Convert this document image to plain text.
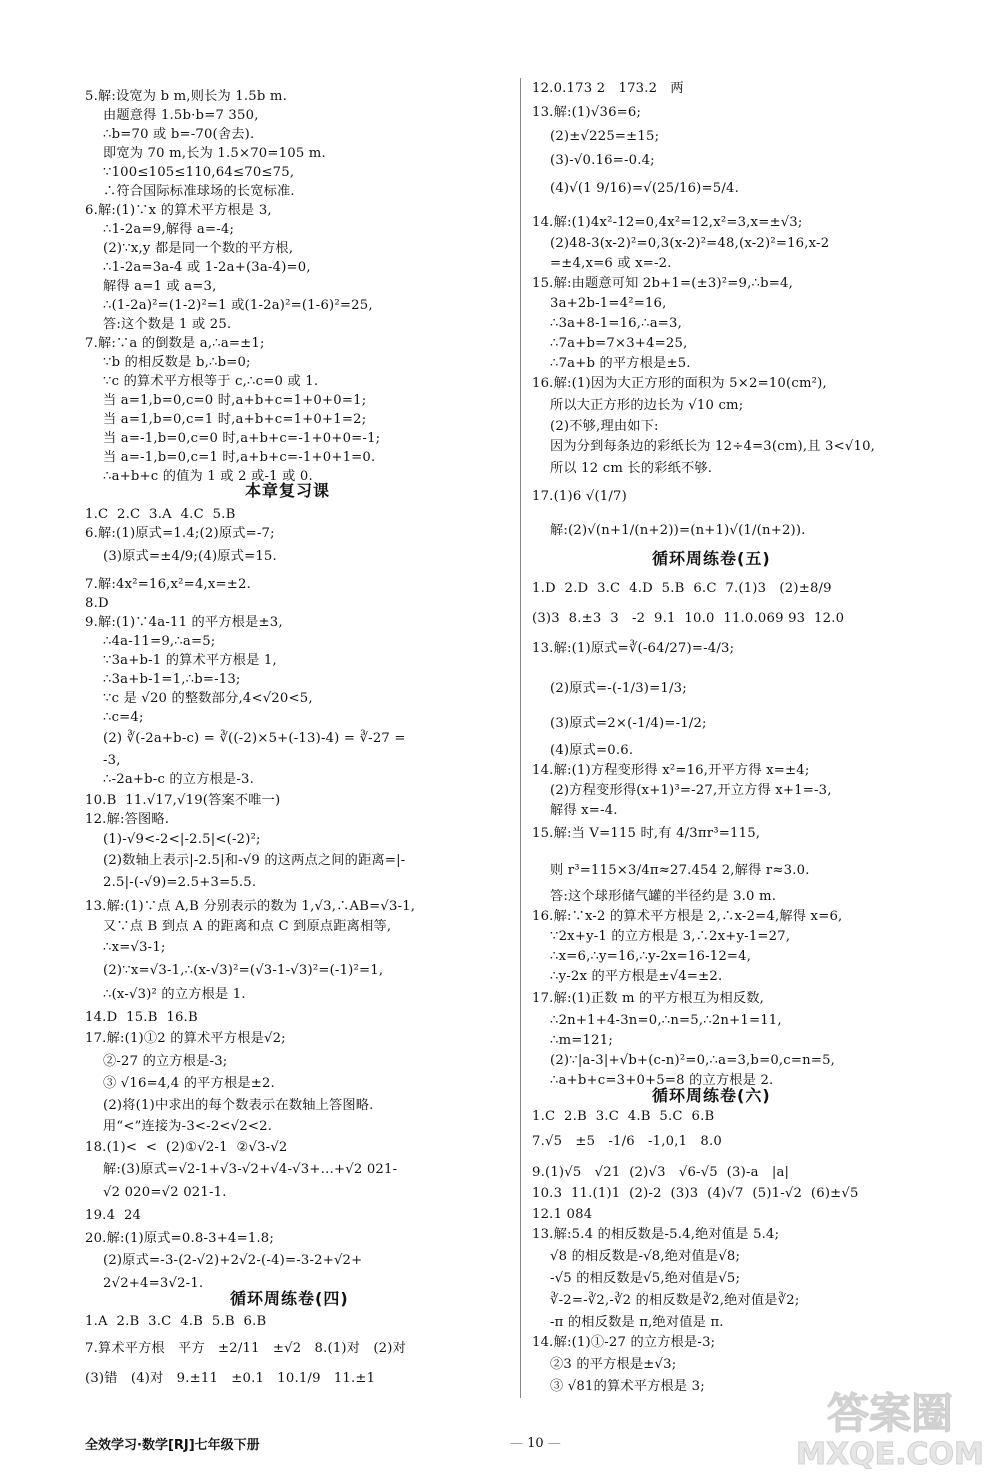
5.解:设宽为 b m,则长为 1.5b m.
由题意得 1.5b·b=7 350,
∴b=70 或 b=-70(舍去).
即宽为 70 m,长为 1.5×70=105 m.
∵100≤105≤110,64≤70≤75,
∴符合国际标准球场的长宽标准.
6.解:(1)∵x 的算术平方根是 3,
∴1-2a=9,解得 a=-4;
(2)∵x,y 都是同一个数的平方根,
∴1-2a=3a-4 或 1-2a+(3a-4)=0,
解得 a=1 或 a=3,
∴(1-2a)²=(1-2)²=1 或(1-2a)²=(1-6)²=25,
答:这个数是 1 或 25.
7.解:∵a 的倒数是 a,∴a=±1;
∵b 的相反数是 b,∴b=0;
∵c 的算术平方根等于 c,∴c=0 或 1.
当 a=1,b=0,c=0 时,a+b+c=1+0+0=1;
当 a=1,b=0,c=1 时,a+b+c=1+0+1=2;
当 a=-1,b=0,c=0 时,a+b+c=-1+0+0=-1;
当 a=-1,b=0,c=1 时,a+b+c=-1+0+1=0.
∴a+b+c 的值为 1 或 2 或-1 或 0.
本章复习课
1.C  2.C  3.A  4.C  5.B
6.解:(1)原式=1.4;(2)原式=-7;
(3)原式=±4/9;(4)原式=15.
7.解:4x²=16,x²=4,x=±2.
8.D
9.解:(1)∵4a-11 的平方根是±3,
∴4a-11=9,∴a=5;
∵3a+b-1 的算术平方根是 1,
∴3a+b-1=1,∴b=-13;
∵c 是 √20 的整数部分,4<√20<5,
∴c=4;
(2) ∛(-2a+b-c) = ∛((-2)×5+(-13)-4) = ∛-27 =
-3,
∴-2a+b-c 的立方根是-3.
10.B  11.√17,√19(答案不唯一)
12.解:答图略.
(1)-√9<-2<|-2.5|<(-2)²;
(2)数轴上表示|-2.5|和-√9 的这两点之间的距离=|-
2.5|-(-√9)=2.5+3=5.5.
13.解:(1)∵点 A,B 分别表示的数为 1,√3,∴AB=√3-1,
又∵点 B 到点 A 的距离和点 C 到原点距离相等,
∴x=√3-1;
(2)∵x=√3-1,∴(x-√3)²=(√3-1-√3)²=(-1)²=1,
∴(x-√3)² 的立方根是 1.
14.D  15.B  16.B
17.解:(1)①2 的算术平方根是√2;
②-27 的立方根是-3;
③ √16=4,4 的平方根是±2.
(2)将(1)中求出的每个数表示在数轴上答图略.
用“<”连接为-3<-2<√2<2.
18.(1)<  <  (2)①√2-1  ②√3-√2
解:(3)原式=√2-1+√3-√2+√4-√3+…+√2 021-
√2 020=√2 021-1.
19.4  24
20.解:(1)原式=0.8-3+4=1.8;
(2)原式=-3-(2-√2)+2√2-(-4)=-3-2+√2+
2√2+4=3√2-1.
循环周练卷(四)
1.A  2.B  3.C  4.B  5.B  6.B
7.算术平方根   平方   ±2/11   ±√2   8.(1)对   (2)对
(3)错   (4)对   9.±11   ±0.1   10.1/9   11.±1
12.0.173 2   173.2   两
13.解:(1)√36=6;
(2)±√225=±15;
(3)-√0.16=-0.4;
(4)√(1 9/16)=√(25/16)=5/4.
14.解:(1)4x²-12=0,4x²=12,x²=3,x=±√3;
(2)48-3(x-2)²=0,3(x-2)²=48,(x-2)²=16,x-2
=±4,x=6 或 x=-2.
15.解:由题意可知 2b+1=(±3)²=9,∴b=4,
3a+2b-1=4²=16,
∴3a+8-1=16,∴a=3,
∴7a+b=7×3+4=25,
∴7a+b 的平方根是±5.
16.解:(1)因为大正方形的面积为 5×2=10(cm²),
所以大正方形的边长为 √10 cm;
(2)不够,理由如下:
因为分到每条边的彩纸长为 12÷4=3(cm),且 3<√10,
所以 12 cm 长的彩纸不够.
17.(1)6 √(1/7)
解:(2)√(n+1/(n+2))=(n+1)√(1/(n+2)).
循环周练卷(五)
1.D  2.D  3.C  4.D  5.B  6.C  7.(1)3   (2)±8/9
(3)3  8.±3  3   -2  9.1  10.0  11.0.069 93  12.0
13.解:(1)原式=∛(-64/27)=-4/3;
(2)原式=-(-1/3)=1/3;
(3)原式=2×(-1/4)=-1/2;
(4)原式=0.6.
14.解:(1)方程变形得 x²=16,开平方得 x=±4;
(2)方程变形得(x+1)³=-27,开立方得 x+1=-3,
解得 x=-4.
15.解:当 V=115 时,有 4/3πr³=115,
则 r³=115×3/4π≈27.454 2,解得 r≈3.0.
答:这个球形储气罐的半径约是 3.0 m.
16.解:∵x-2 的算术平方根是 2,∴x-2=4,解得 x=6,
∵2x+y-1 的立方根是 3,∴2x+y-1=27,
∴x=6,∴y=16,∴y-2x=16-12=4,
∴y-2x 的平方根是±√4=±2.
17.解:(1)正数 m 的平方根互为相反数,
∴2n+1+4-3n=0,∴n=5,∴2n+1=11,
∴m=121;
(2)∵|a-3|+√b+(c-n)²=0,∴a=3,b=0,c=n=5,
∴a+b+c=3+0+5=8 的立方根是 2.
循环周练卷(六)
1.C  2.B  3.C  4.B  5.C  6.B
7.√5   ±5   -1/6   -1,0,1   8.0
9.(1)√5   √21  (2)√3   √6-√5  (3)-a   |a|
10.3  11.(1)1  (2)-2  (3)3  (4)√7  (5)1-√2  (6)±√5
12.1 084
13.解:5.4 的相反数是-5.4,绝对值是 5.4;
√8 的相反数是-√8,绝对值是√8;
-√5 的相反数是√5,绝对值是√5;
∛-2=-∛2,-∛2 的相反数是∛2,绝对值是∛2;
-π 的相反数是 π,绝对值是 π.
14.解:(1)①-27 的立方根是-3;
②3 的平方根是±√3;
③ √81的算术平方根是 3;
全效学习·数学[RJ]七年级下册
—	10 —
答案圈
MXQE.COM
